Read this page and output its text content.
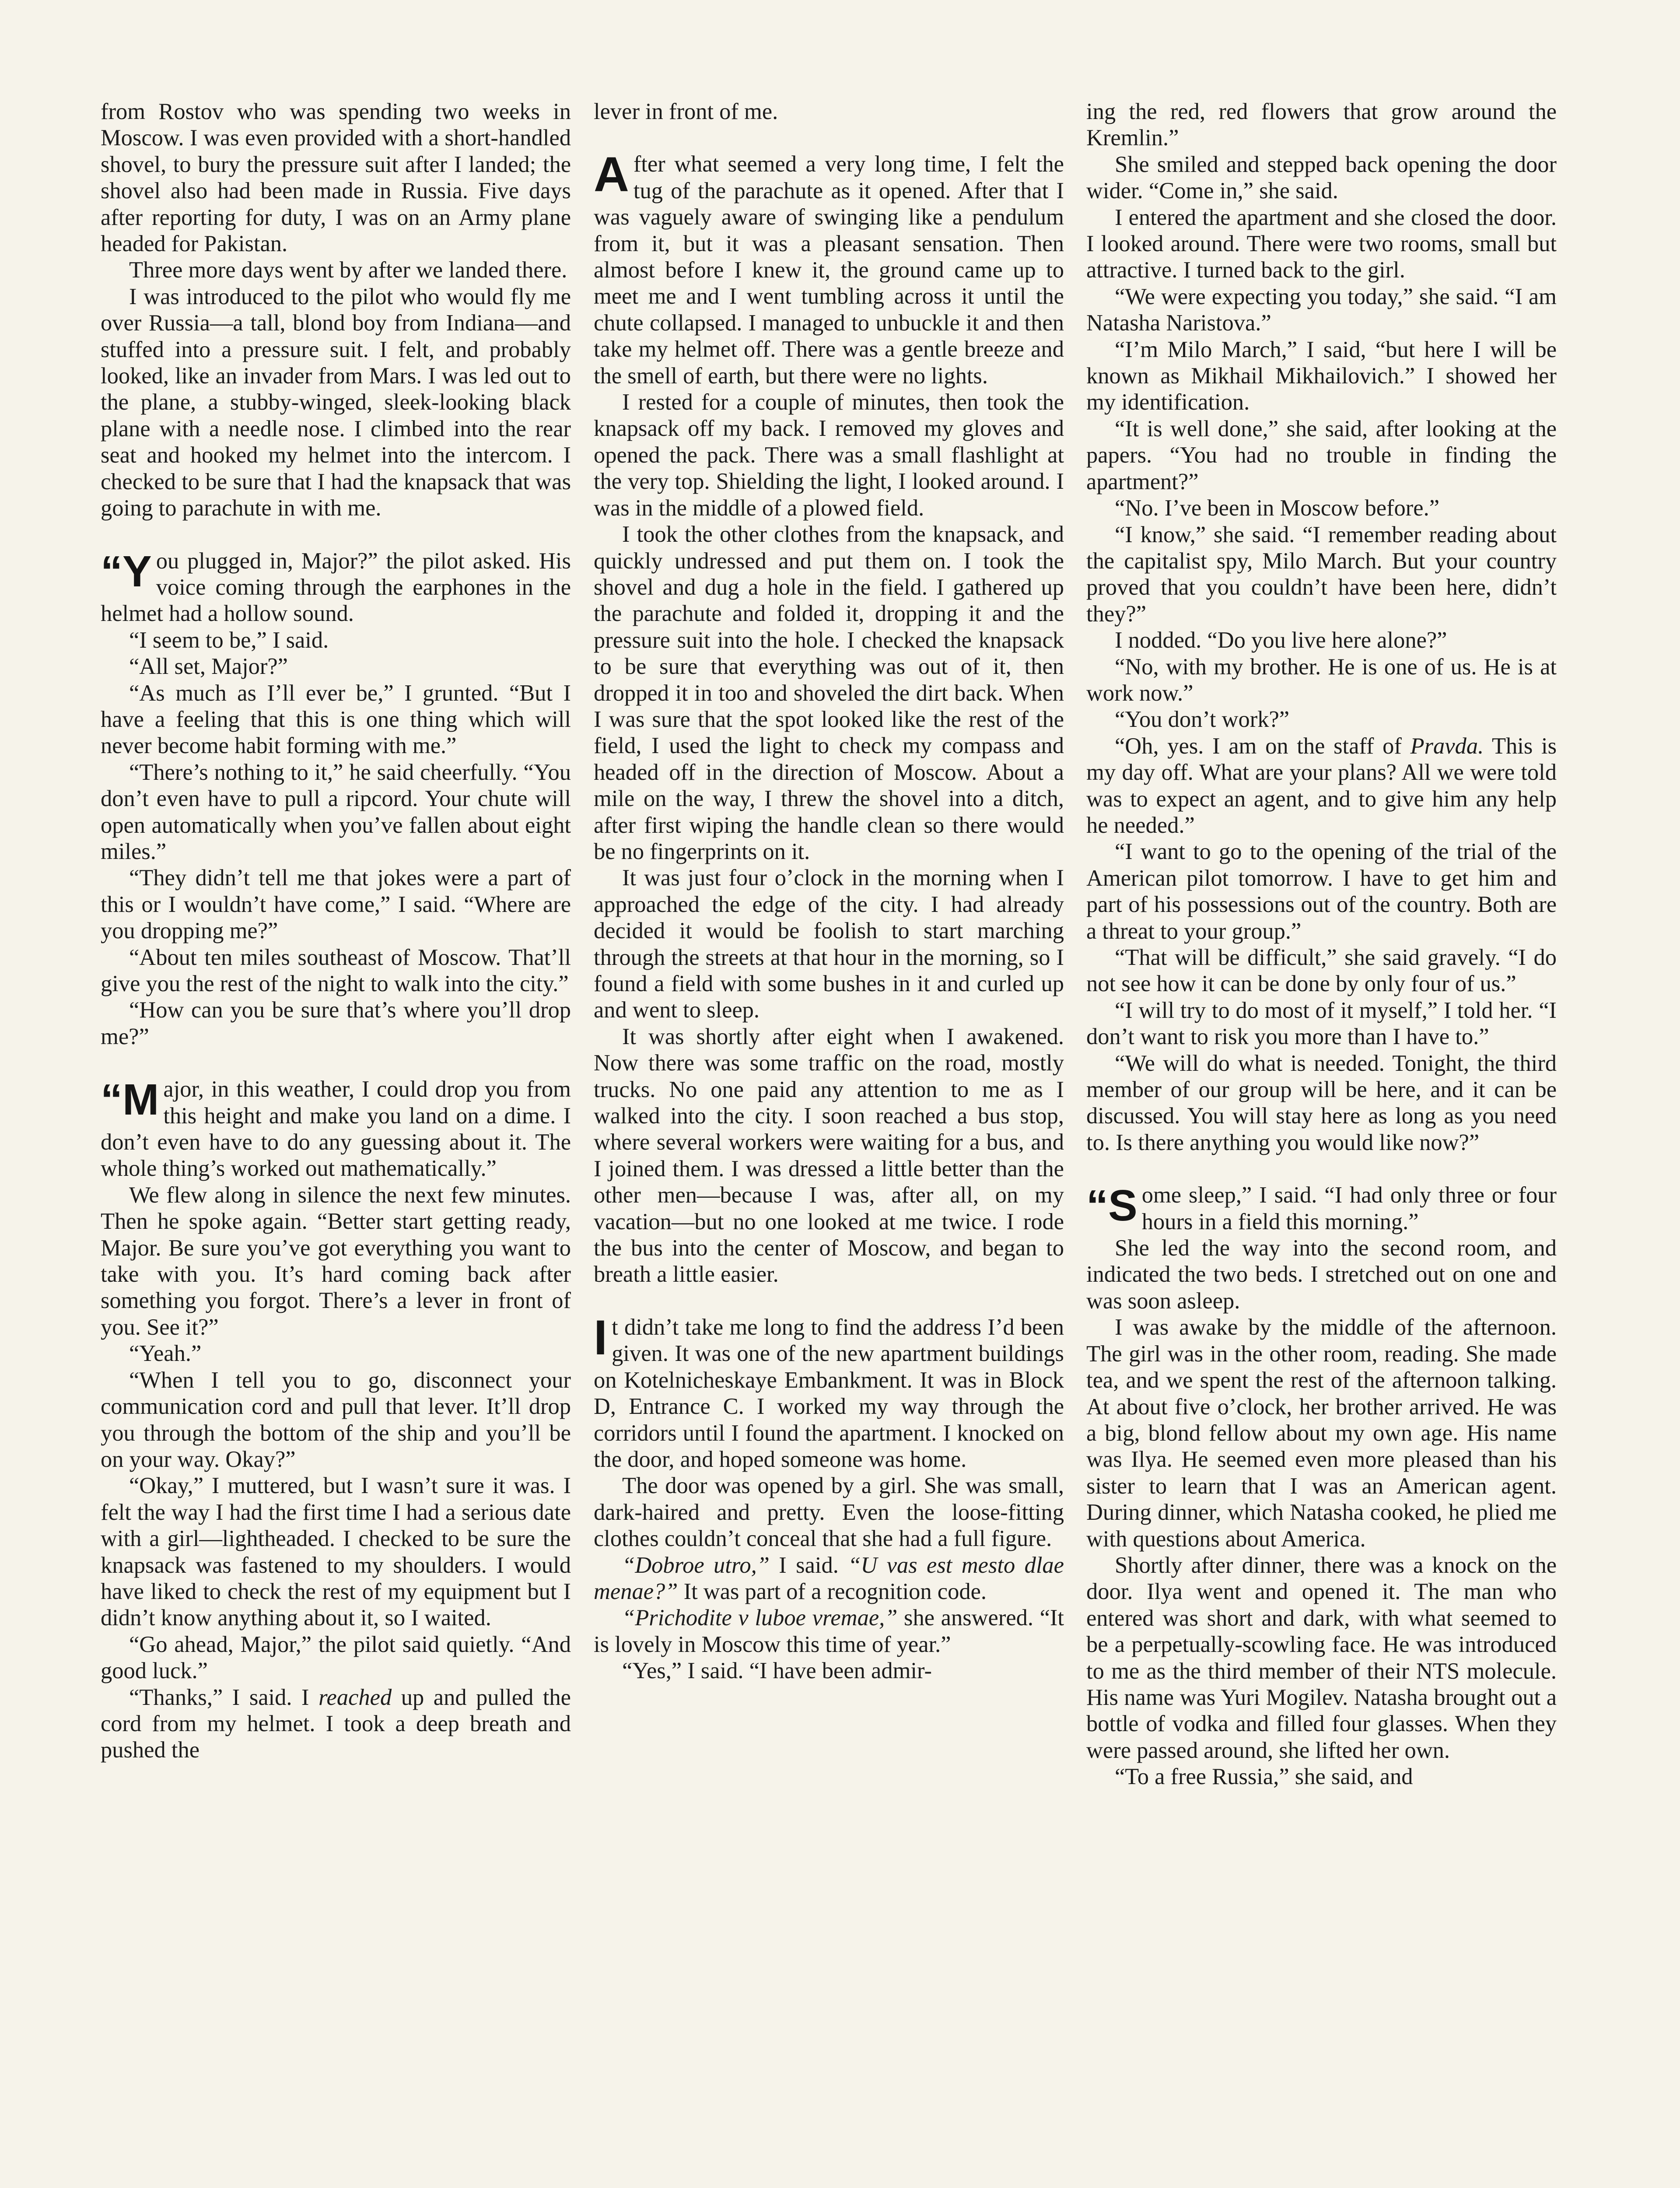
from Rostov who was spending two weeks in Moscow. I was even provided with a short-handled shovel, to bury the pressure suit after I landed; the shovel also had been made in Russia. Five days after reporting for duty, I was on an Army plane headed for Pakistan.

Three more days went by after we landed there.

I was introduced to the pilot who would fly me over Russia—a tall, blond boy from Indiana—and stuffed into a pressure suit. I felt, and probably looked, like an invader from Mars. I was led out to the plane, a stubby-winged, sleek-looking black plane with a needle nose. I climbed into the rear seat and hooked my helmet into the intercom. I checked to be sure that I had the knapsack that was going to parachute in with me.

“You plugged in, Major?” the pilot asked. His voice coming through the earphones in the helmet had a hollow sound.

“I seem to be,” I said.

“All set, Major?”

“As much as I’ll ever be,” I grunted. “But I have a feeling that this is one thing which will never become habit forming with me.”

“There’s nothing to it,” he said cheerfully. “You don’t even have to pull a ripcord. Your chute will open automatically when you’ve fallen about eight miles.”

“They didn’t tell me that jokes were a part of this or I wouldn’t have come,” I said. “Where are you dropping me?”

“About ten miles southeast of Moscow. That’ll give you the rest of the night to walk into the city.”

“How can you be sure that’s where you’ll drop me?”

“Major, in this weather, I could drop you from this height and make you land on a dime. I don’t even have to do any guessing about it. The whole thing’s worked out mathematically.”

We flew along in silence the next few minutes. Then he spoke again. “Better start getting ready, Major. Be sure you’ve got everything you want to take with you. It’s hard coming back after something you forgot. There’s a lever in front of you. See it?”

“Yeah.”

“When I tell you to go, disconnect your communication cord and pull that lever. It’ll drop you through the bottom of the ship and you’ll be on your way. Okay?”

“Okay,” I muttered, but I wasn’t sure it was. I felt the way I had the first time I had a serious date with a girl—lightheaded. I checked to be sure the knapsack was fastened to my shoulders. I would have liked to check the rest of my equipment but I didn’t know anything about it, so I waited.

“Go ahead, Major,” the pilot said quietly. “And good luck.”

“Thanks,” I said. I reached up and pulled the cord from my helmet. I took a deep breath and pushed the

lever in front of me.

After what seemed a very long time, I felt the tug of the parachute as it opened. After that I was vaguely aware of swinging like a pendulum from it, but it was a pleasant sensation. Then almost before I knew it, the ground came up to meet me and I went tumbling across it until the chute collapsed. I managed to unbuckle it and then take my helmet off. There was a gentle breeze and the smell of earth, but there were no lights.

I rested for a couple of minutes, then took the knapsack off my back. I removed my gloves and opened the pack. There was a small flashlight at the very top. Shielding the light, I looked around. I was in the middle of a plowed field.

I took the other clothes from the knapsack, and quickly undressed and put them on. I took the shovel and dug a hole in the field. I gathered up the parachute and folded it, dropping it and the pressure suit into the hole. I checked the knapsack to be sure that everything was out of it, then dropped it in too and shoveled the dirt back. When I was sure that the spot looked like the rest of the field, I used the light to check my compass and headed off in the direction of Moscow. About a mile on the way, I threw the shovel into a ditch, after first wiping the handle clean so there would be no fingerprints on it.

It was just four o’clock in the morning when I approached the edge of the city. I had already decided it would be foolish to start marching through the streets at that hour in the morning, so I found a field with some bushes in it and curled up and went to sleep.

It was shortly after eight when I awakened. Now there was some traffic on the road, mostly trucks. No one paid any attention to me as I walked into the city. I soon reached a bus stop, where several workers were waiting for a bus, and I joined them. I was dressed a little better than the other men—because I was, after all, on my vacation—but no one looked at me twice. I rode the bus into the center of Moscow, and began to breath a little easier.

It didn’t take me long to find the address I’d been given. It was one of the new apartment buildings on Kotelnicheskaye Embankment. It was in Block D, Entrance C. I worked my way through the corridors until I found the apartment. I knocked on the door, and hoped someone was home.

The door was opened by a girl. She was small, dark-haired and pretty. Even the loose-fitting clothes couldn’t conceal that she had a full figure.

“Dobroe utro,” I said. “U vas est mesto dlae menae?” It was part of a recognition code.

“Prichodite v luboe vremae,” she answered. “It is lovely in Moscow this time of year.”

“Yes,” I said. “I have been admir-

ing the red, red flowers that grow around the Kremlin.”

She smiled and stepped back opening the door wider. “Come in,” she said.

I entered the apartment and she closed the door. I looked around. There were two rooms, small but attractive. I turned back to the girl.

“We were expecting you today,” she said. “I am Natasha Naristova.”

“I’m Milo March,” I said, “but here I will be known as Mikhail Mikhailovich.” I showed her my identification.

“It is well done,” she said, after looking at the papers. “You had no trouble in finding the apartment?”

“No. I’ve been in Moscow before.”

“I know,” she said. “I remember reading about the capitalist spy, Milo March. But your country proved that you couldn’t have been here, didn’t they?”

I nodded. “Do you live here alone?”

“No, with my brother. He is one of us. He is at work now.”

“You don’t work?”

“Oh, yes. I am on the staff of Pravda. This is my day off. What are your plans? All we were told was to expect an agent, and to give him any help he needed.”

“I want to go to the opening of the trial of the American pilot tomorrow. I have to get him and part of his possessions out of the country. Both are a threat to your group.”

“That will be difficult,” she said gravely. “I do not see how it can be done by only four of us.”

“I will try to do most of it myself,” I told her. “I don’t want to risk you more than I have to.”

“We will do what is needed. Tonight, the third member of our group will be here, and it can be discussed. You will stay here as long as you need to. Is there anything you would like now?”

“Some sleep,” I said. “I had only three or four hours in a field this morning.”

She led the way into the second room, and indicated the two beds. I stretched out on one and was soon asleep.

I was awake by the middle of the afternoon. The girl was in the other room, reading. She made tea, and we spent the rest of the afternoon talking. At about five o’clock, her brother arrived. He was a big, blond fellow about my own age. His name was Ilya. He seemed even more pleased than his sister to learn that I was an American agent. During dinner, which Natasha cooked, he plied me with questions about America.

Shortly after dinner, there was a knock on the door. Ilya went and opened it. The man who entered was short and dark, with what seemed to be a perpetually-scowling face. He was introduced to me as the third member of their NTS molecule. His name was Yuri Mogilev. Natasha brought out a bottle of vodka and filled four glasses. When they were passed around, she lifted her own.

“To a free Russia,” she said, and
